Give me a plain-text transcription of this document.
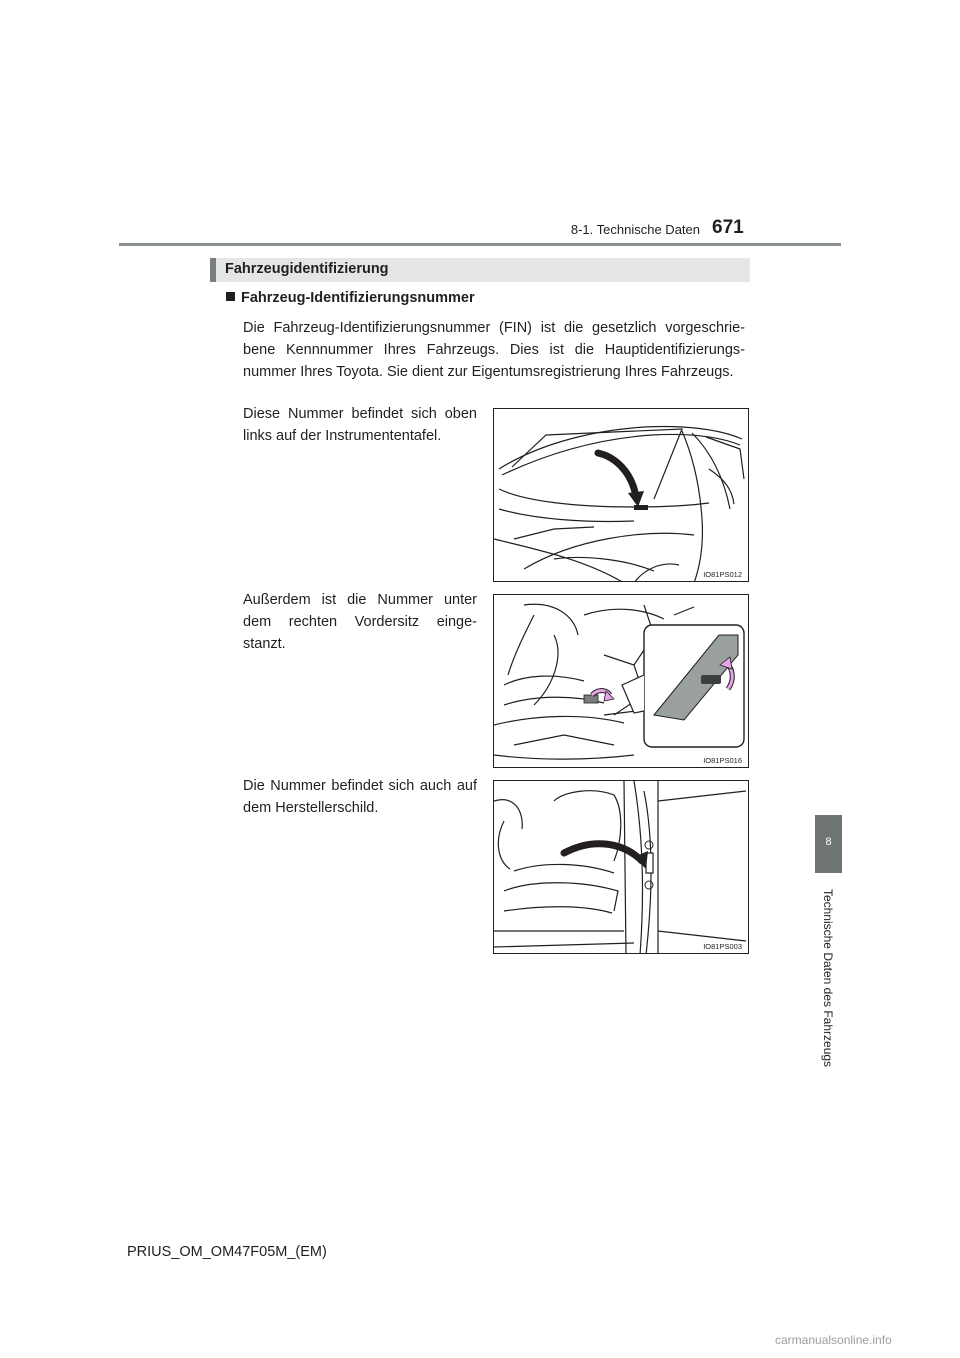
8-1. Technische Daten 671
8
Technische Daten des Fahrzeugs
Fahrzeugidentifizierung
Fahrzeug-Identifizierungsnummer
Die Fahrzeug-Identifizierungsnummer (FIN) ist die gesetzlich vorgeschrie-bene Kennnummer Ihres Fahrzeugs. Dies ist die Hauptidentifizierungs-nummer Ihres Toyota. Sie dient zur Eigentumsregistrierung Ihres Fahrzeugs.
Diese Nummer befindet sich oben links auf der Instrumententafel.
Außerdem ist die Nummer unter dem rechten Vordersitz einge-stanzt.
Die Nummer befindet sich auch auf dem Herstellerschild.
IO81PS012
IO81PS016
IO81PS003
PRIUS_OM_OM47F05M_(EM)
carmanualsonline.info
